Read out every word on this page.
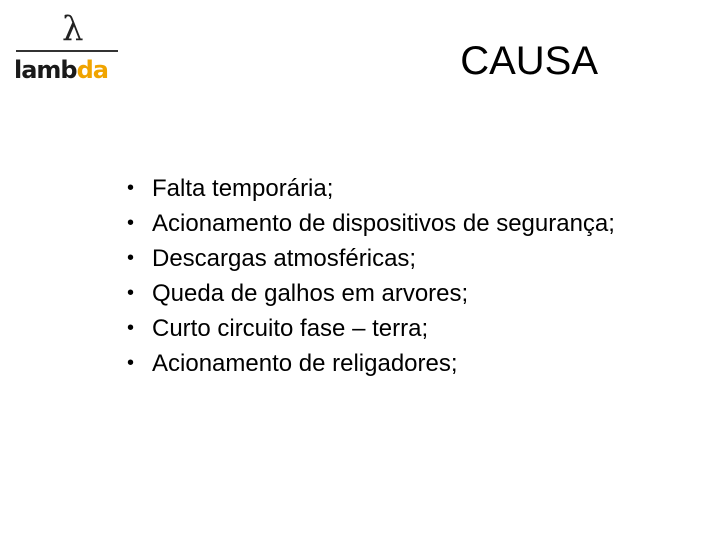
λ
lambda	CAUSA
• Falta temporária;
• Acionamento de dispositivos de segurança;
• Descargas atmosféricas;
• Queda de galhos em arvores;
• Curto circuito fase – terra;
• Acionamento de religadores;
